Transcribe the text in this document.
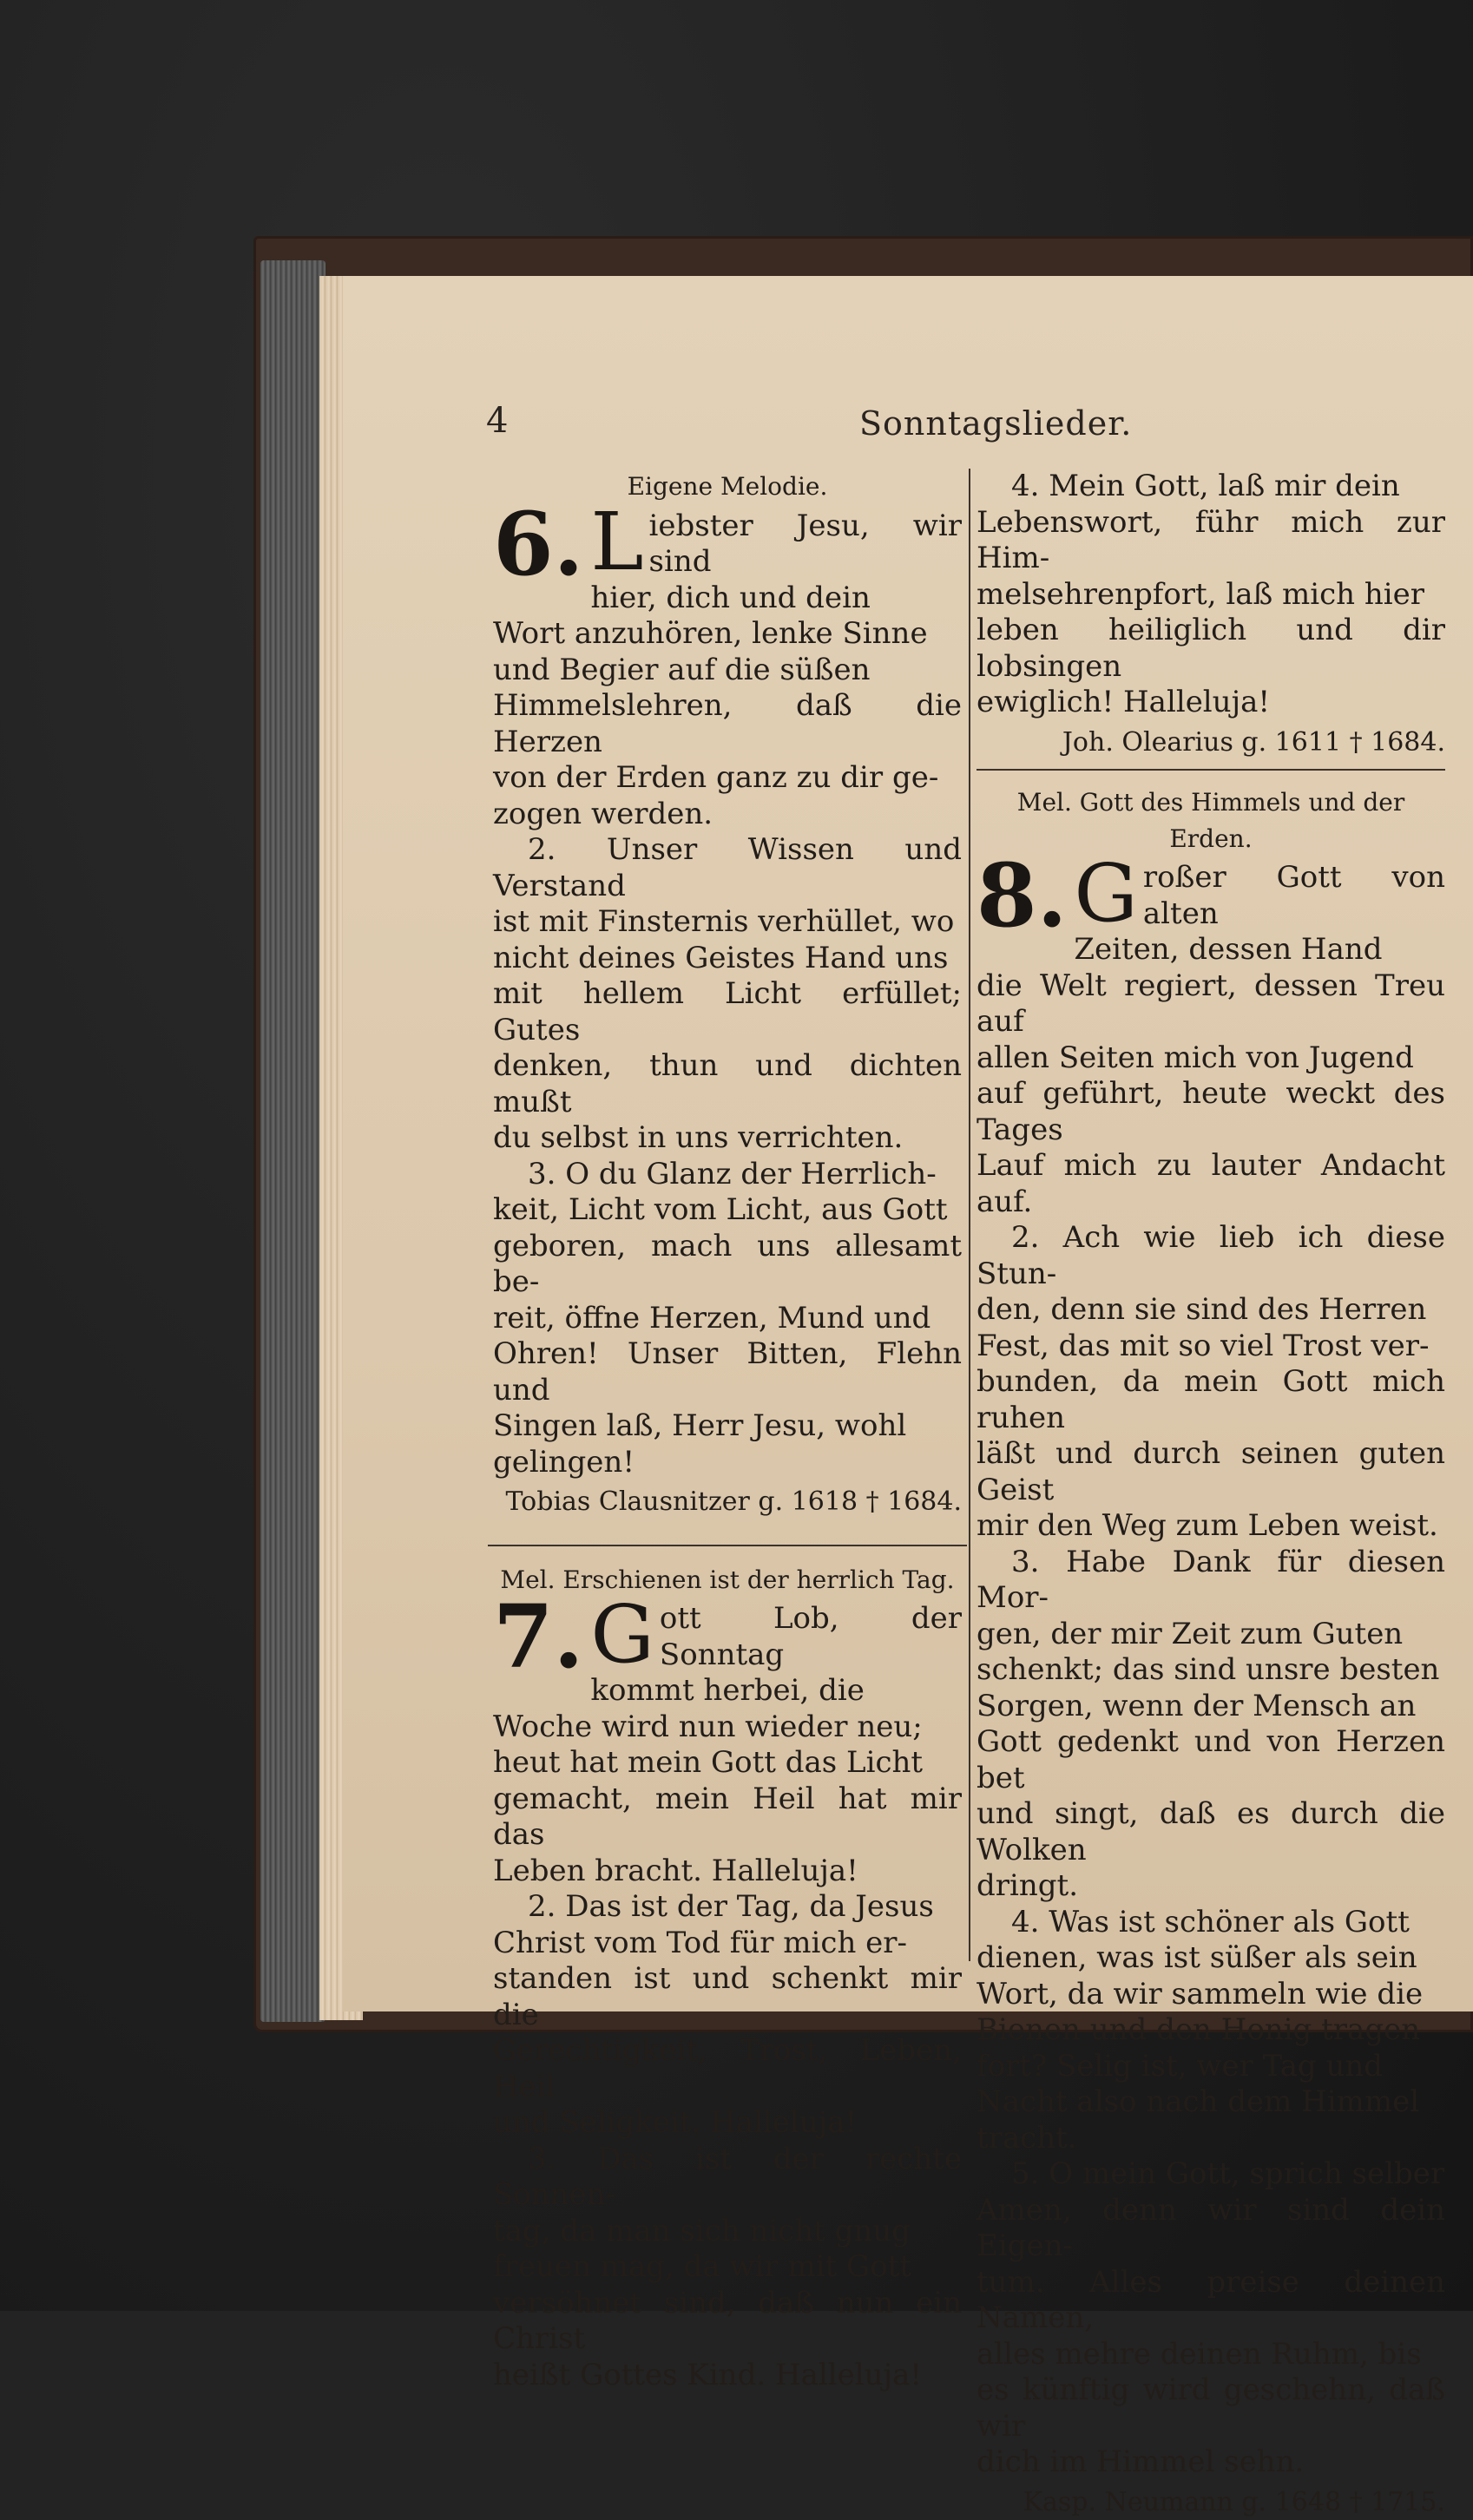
4	Sonntagslieder.

Eigene Melodie.

6. L iebster Jesu, wir sind

hier, dich und dein

Wort anzuhören, lenke Sinne

und Begier auf die süßen

Himmelslehren, daß die Herzen

von der Erden ganz zu dir ge-

zogen werden.

2. Unser Wissen und Verstand

ist mit Finsternis verhüllet, wo

nicht deines Geistes Hand uns

mit hellem Licht erfüllet; Gutes

denken, thun und dichten mußt

du selbst in uns verrichten.

3. O du Glanz der Herrlich-

keit, Licht vom Licht, aus Gott

geboren, mach uns allesamt be-

reit, öffne Herzen, Mund und

Ohren! Unser Bitten, Flehn und

Singen laß, Herr Jesu, wohl

gelingen!

Tobias Clausnitzer g. 1618 † 1684.

Mel. Erschienen ist der herrlich Tag.

7. G ott Lob, der Sonntag

kommt herbei, die

Woche wird nun wieder neu;

heut hat mein Gott das Licht

gemacht, mein Heil hat mir das

Leben bracht. Halleluja!

2. Das ist der Tag, da Jesus

Christ vom Tod für mich er-

standen ist und schenkt mir die

Gerechtigkeit, Trost, Leben, Heil

und Seligkeit. Halleluja!

3. Das ist der rechte Sonnen-

tag, da man sich nicht gnug

freuen mag, da wir mit Gott

versöhnet sind, daß nun ein Christ

heißt Gottes Kind. Halleluja!

4. Mein Gott, laß mir dein

Lebenswort, führ mich zur Him-

melsehrenpfort, laß mich hier

leben heiliglich und dir lobsingen

ewiglich! Halleluja!

Joh. Olearius g. 1611 † 1684.

Mel. Gott des Himmels und der Erden.

8. G roßer Gott von alten

Zeiten, dessen Hand

die Welt regiert, dessen Treu auf

allen Seiten mich von Jugend

auf geführt, heute weckt des Tages

Lauf mich zu lauter Andacht auf.

2. Ach wie lieb ich diese Stun-

den, denn sie sind des Herren

Fest, das mit so viel Trost ver-

bunden, da mein Gott mich ruhen

läßt und durch seinen guten Geist

mir den Weg zum Leben weist.

3. Habe Dank für diesen Mor-

gen, der mir Zeit zum Guten

schenkt; das sind unsre besten

Sorgen, wenn der Mensch an

Gott gedenkt und von Herzen bet

und singt, daß es durch die Wolken

dringt.

4. Was ist schöner als Gott

dienen, was ist süßer als sein

Wort, da wir sammeln wie die

Bienen und den Honig tragen

fort? Selig ist, wer Tag und

Nacht also nach dem Himmel

tracht.

5. O mein Gott, sprich selber

Amen, denn wir sind dein Eigen-

tum. Alles preise deinen Namen,

alles mehre deinen Ruhm, bis

es künftig wird geschehn, daß wir

dich im Himmel sehn.

Kasp. Neumann g. 1648 † 1715.
